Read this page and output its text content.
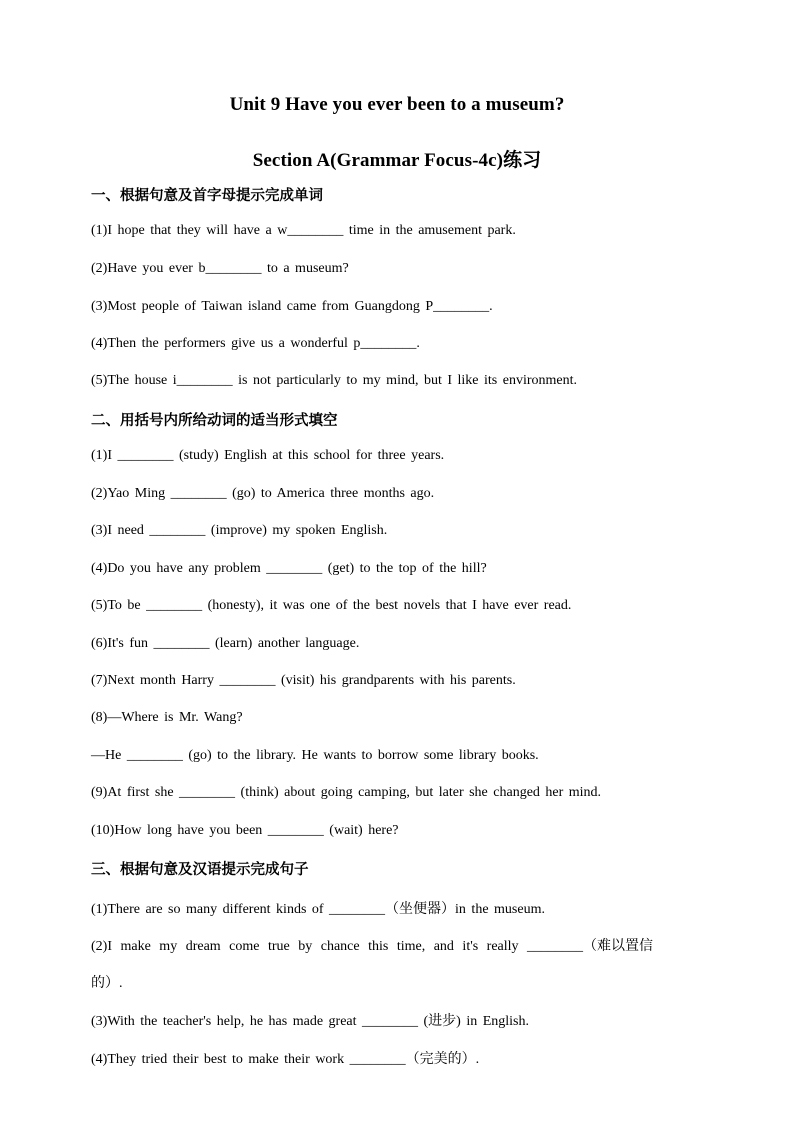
Unit 9 Have you ever been to a museum?
Section A(Grammar Focus-4c)练习
一、根据句意及首字母提示完成单词
(1)I hope that they will have a w________ time in the amusement park.
(2)Have you ever b________ to a museum?
(3)Most people of Taiwan island came from Guangdong P________.
(4)Then the performers give us a wonderful p________.
(5)The house i________ is not particularly to my mind, but I like its environment.
二、用括号内所给动词的适当形式填空
(1)I ________ (study) English at this school for three years.
(2)Yao Ming ________ (go) to America three months ago.
(3)I need ________ (improve) my spoken English.
(4)Do you have any problem ________ (get) to the top of the hill?
(5)To be ________ (honesty), it was one of the best novels that I have ever read.
(6)It's fun ________ (learn) another language.
(7)Next month Harry ________ (visit) his grandparents with his parents.
(8)—Where is Mr. Wang?
—He ________ (go) to the library. He wants to borrow some library books.
(9)At first she ________ (think) about going camping, but later she changed her mind.
(10)How long have you been ________ (wait) here?
三、根据句意及汉语提示完成句子
(1)There are so many different kinds of ________（坐便器）in the museum.
(2)I make my dream come true by chance this time, and it's really ________（难以置信
的）.
(3)With the teacher's help, he has made great ________ (进步) in English.
(4)They tried their best to make their work ________（完美的）.
